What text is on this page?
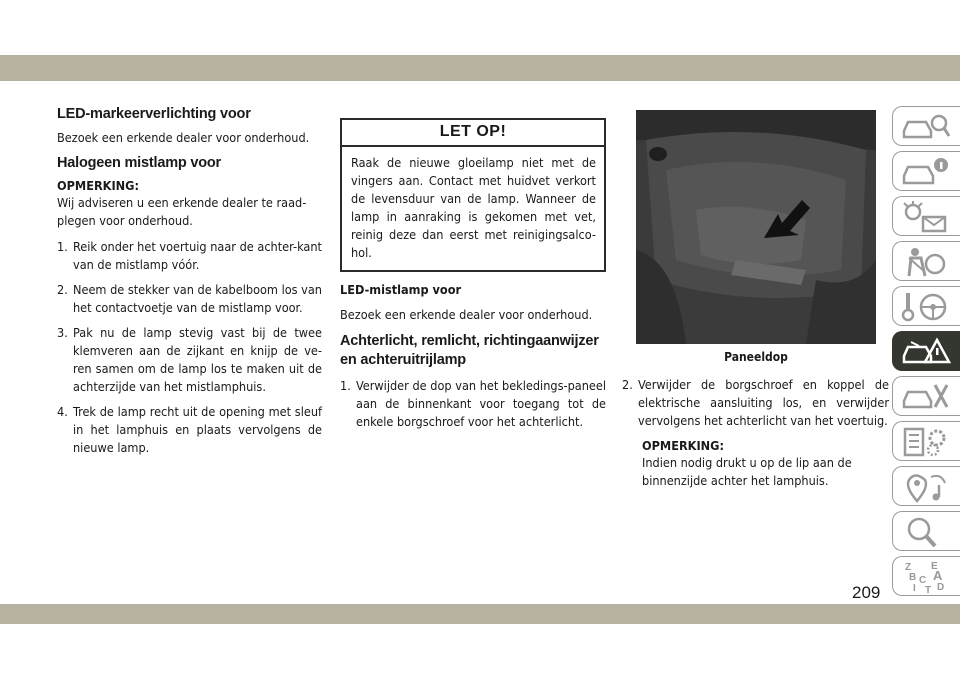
LED-markeerverlichting voor

Bezoek een erkende dealer voor onderhoud.

Halogeen mistlamp voor
OPMERKING:

Wij adviseren u een erkende dealer te raad-plegen voor onderhoud.

1. Reik onder het voertuig naar de achter-kant van de mistlamp vóór.
2. Neem de stekker van de kabelboom los van het contactvoetje van de mistlamp voor.
3. Pak nu de lamp stevig vast bij de twee klemveren aan de zijkant en knijp de ve-ren samen om de lamp los te maken uit de achterzijde van het mistlamphuis.
4. Trek de lamp recht uit de opening met sleuf in het lamphuis en plaats vervolgens de nieuwe lamp.
LET OP!
Raak de nieuwe gloeilamp niet met de vingers aan. Contact met huidvet verkort de levensduur van de lamp. Wanneer de lamp in aanraking is gekomen met vet, reinig deze dan eerst met reinigingsalco-hol.
LED-mistlamp voor

Bezoek een erkende dealer voor onderhoud.

Achterlicht, remlicht, richtingaanwijzer en achteruitrijlamp
1. Verwijder de dop van het bekledings-paneel aan de binnenkant voor toegang tot de enkele borgschroef voor het achterlicht.
Paneeldop
2. Verwijder de borgschroef en koppel de elektrische aansluiting los, en verwijder vervolgens het achterlicht van het voertuig.
OPMERKING:

Indien nodig drukt u op de lip aan de binnenzijde achter het lamphuis.

Z E
B A
I
C
T D
209
